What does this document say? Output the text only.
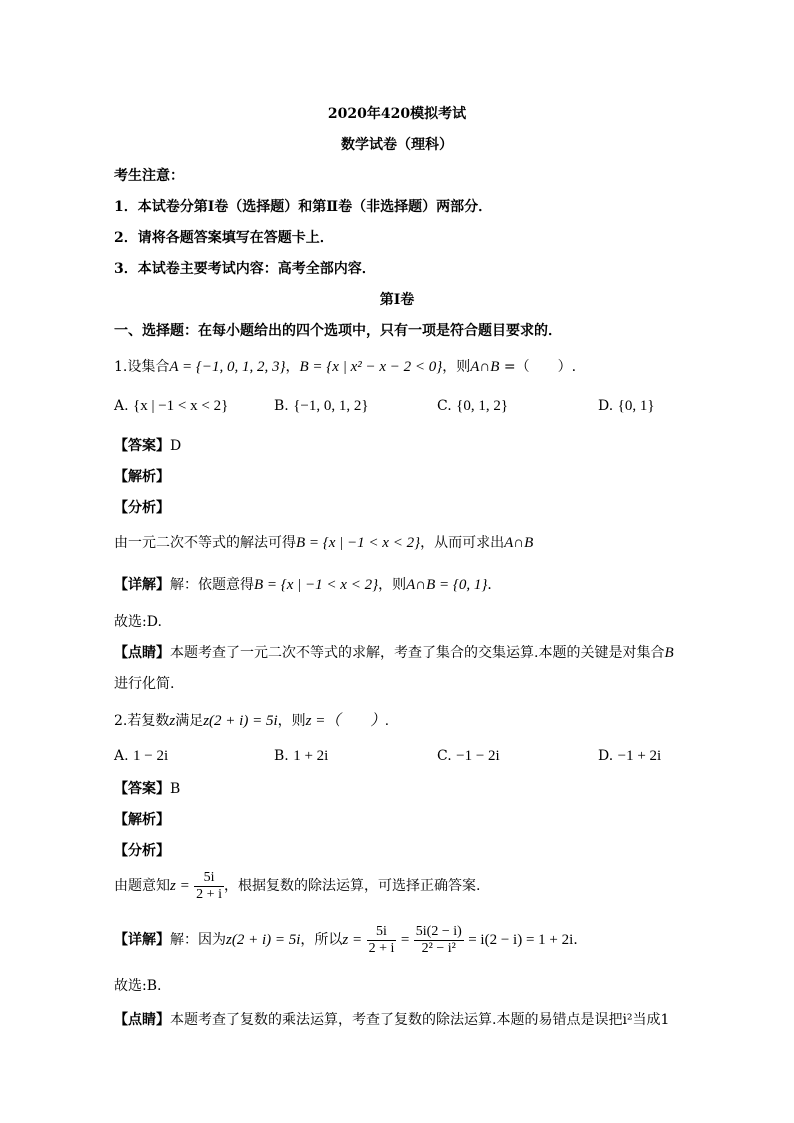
2020年420模拟考试
数学试卷（理科）
考生注意：
1．本试卷分第Ⅰ卷（选择题）和第Ⅱ卷（非选择题）两部分．
2．请将各题答案填写在答题卡上．
3．本试卷主要考试内容：高考全部内容．
第Ⅰ卷
一、选择题：在每小题给出的四个选项中，只有一项是符合题目要求的．
1.设集合A = {−1, 0, 1, 2, 3}，B = {x | x² − x − 2 < 0}，则A∩B =（　　）.
A. {x | −1 < x < 2}	B. {−1, 0, 1, 2}	C. {0, 1, 2}	D. {0, 1}
【答案】D
【解析】
【分析】
由一元二次不等式的解法可得B = {x | −1 < x < 2}，从而可求出A∩B
【详解】解：依题意得B = {x | −1 < x < 2}，则A∩B = {0, 1}．
故选:D.
【点睛】本题考查了一元二次不等式的求解，考查了集合的交集运算.本题的关键是对集合B
进行化简.
2.若复数z满足z(2 + i) = 5i，则z =（　　）.
A. 1 − 2i	B. 1 + 2i	C. −1 − 2i	D. −1 + 2i
【答案】B
【解析】
【分析】
由题意知$z = \frac{5i}{2 + i}$ ，根据复数的除法运算，可选择正确答案.
【详解】解：因为z(2 + i) = 5i，所以$z = \frac{5i}{2 + i} = \frac{5i(2 - i)}{\text{2² − i²}} = i(2 - i) = 1 + 2i$．
故选:B.
【点睛】本题考查了复数的乘法运算，考查了复数的除法运算.本题的易错点是误把i²当成1
